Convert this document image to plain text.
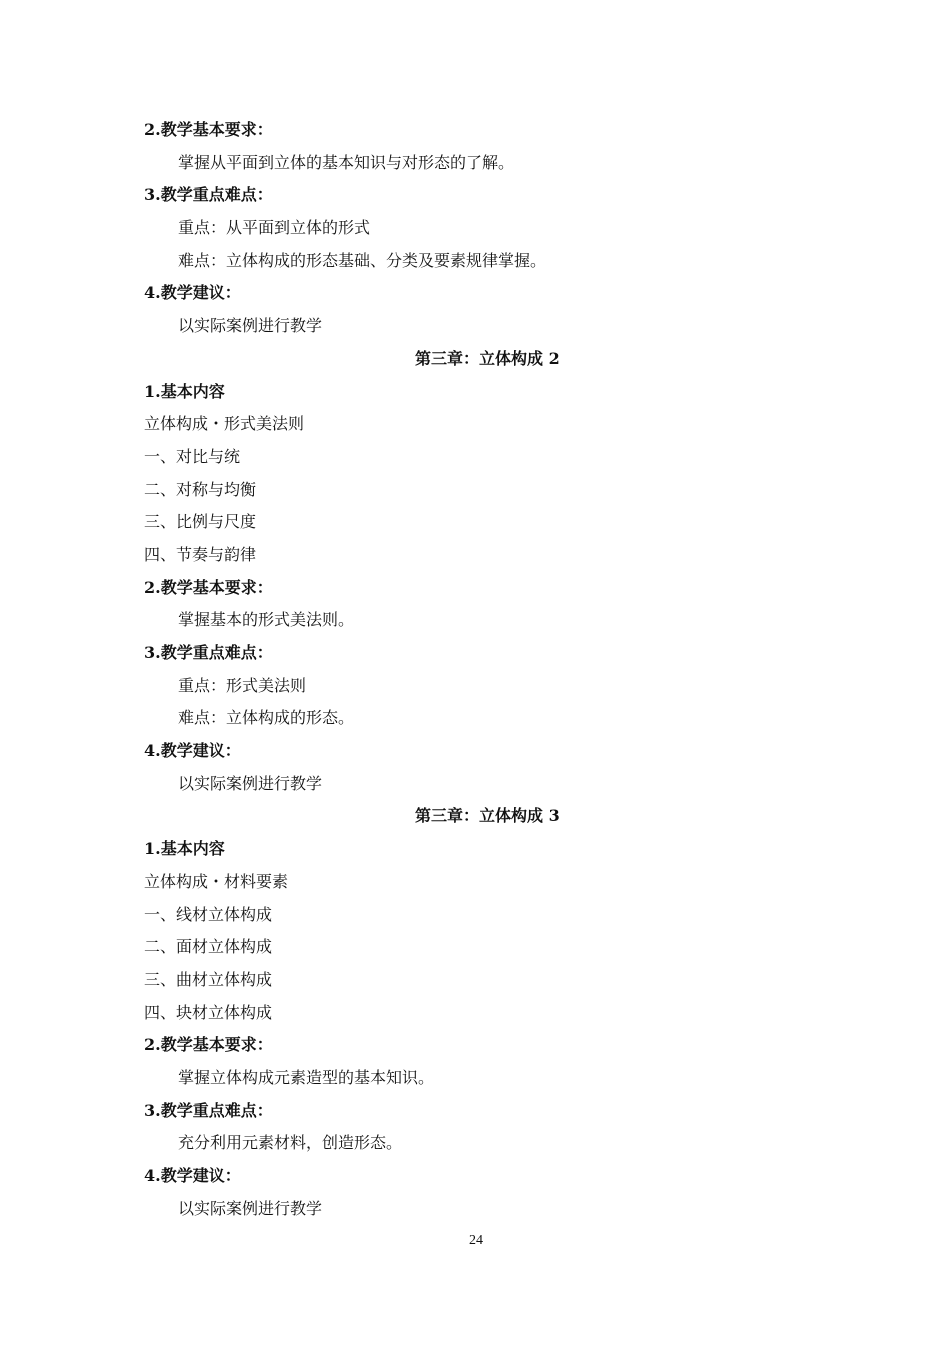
2.教学基本要求：
掌握从平面到立体的基本知识与对形态的了解。
3.教学重点难点：
重点：从平面到立体的形式
难点：立体构成的形态基础、分类及要素规律掌握。
4.教学建议：
以实际案例进行教学
第三章：立体构成 2
1.基本内容
立体构成・形式美法则
一、对比与统
二、对称与均衡
三、比例与尺度
四、节奏与韵律
2.教学基本要求：
掌握基本的形式美法则。
3.教学重点难点：
重点：形式美法则
难点：立体构成的形态。
4.教学建议：
以实际案例进行教学
第三章：立体构成 3
1.基本内容
立体构成・材料要素
一、线材立体构成
二、面材立体构成
三、曲材立体构成
四、块材立体构成
2.教学基本要求：
掌握立体构成元素造型的基本知识。
3.教学重点难点：
充分利用元素材料，创造形态。
4.教学建议：
以实际案例进行教学
24
